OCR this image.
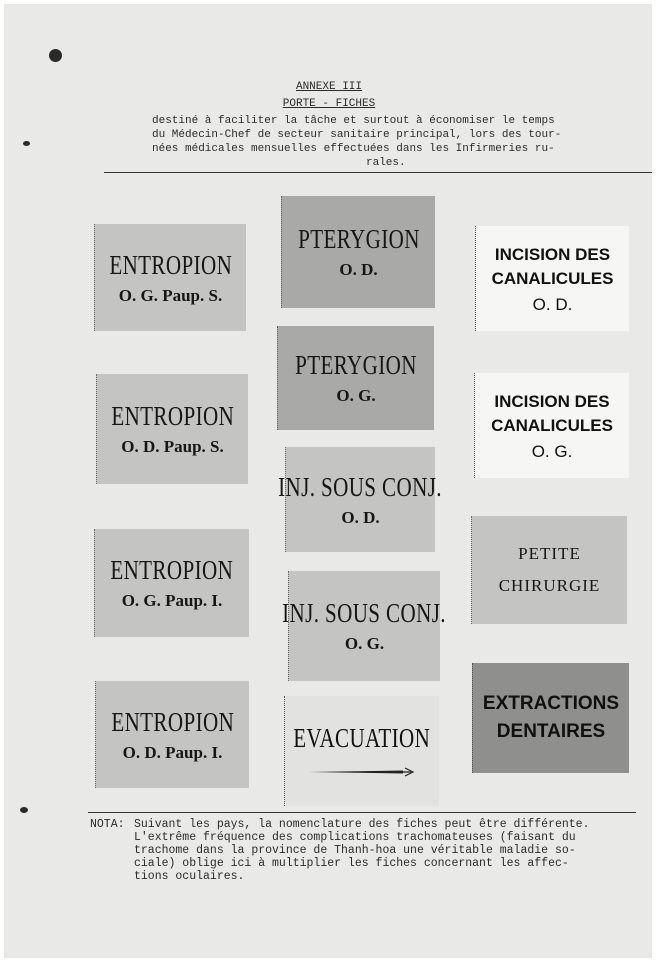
ANNEXE III
PORTE - FICHES
destiné à faciliter la tâche et surtout à économiser le temps
du Médecin-Chef de secteur sanitaire principal, lors des tour-
nées médicales mensuelles effectuées dans les Infirmeries ru-
rales.
ENTROPION
O. G. Paup. S.
ENTROPION
O. D. Paup. S.
ENTROPION
O. G. Paup. I.
ENTROPION
O. D. Paup. I.
PTERYGION
O. D.
PTERYGION
O. G.
INJ. SOUS CONJ.
O. D.
INJ. SOUS CONJ.
O. G.
EVACUATION
INCISION DES
CANALICULES
O. D.
INCISION DES
CANALICULES
O. G.
PETITE
CHIRURGIE
EXTRACTIONS
DENTAIRES
NOTA: Suivant les pays, la nomenclature des fiches peut être différente.
L'extrême fréquence des complications trachomateuses (faisant du
trachome dans la province de Thanh-hoa une véritable maladie so-
ciale) oblige ici à multiplier les fiches concernant les affec-
tions oculaires.
